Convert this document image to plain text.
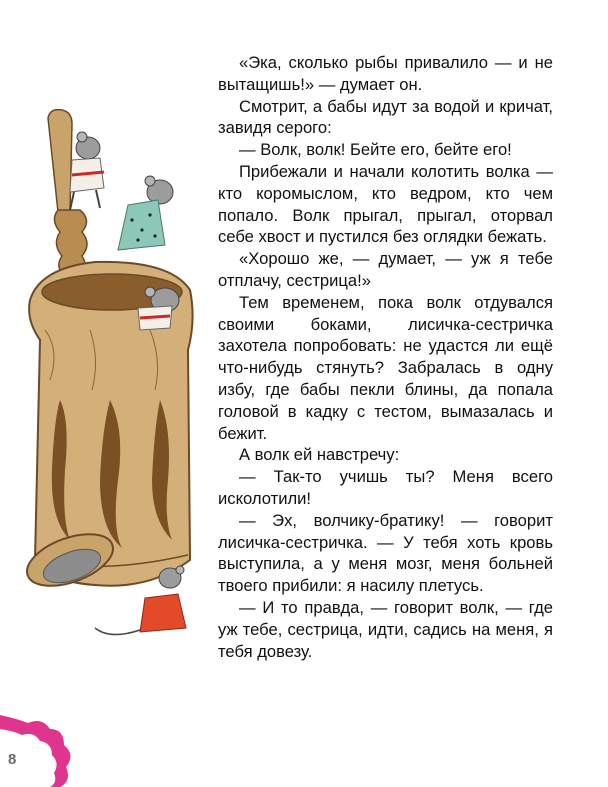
«Эка, сколько рыбы привалило — и не вытащишь!» — думает он.

Смотрит, а бабы идут за водой и кричат, завидя серого:

— Волк, волк! Бейте его, бейте его!

Прибежали и начали колотить волка — кто коромыслом, кто ведром, кто чем попало. Волк прыгал, прыгал, оторвал себе хвост и пустился без оглядки бежать.

«Хорошо же, — думает, — уж я тебе отплачу, сестрица!»

Тем временем, пока волк отдувался своими боками, лисичка-сестричка захотела попробовать: не удастся ли ещё что-нибудь стянуть? Забралась в одну избу, где бабы пекли блины, да попала головой в кадку с тестом, вымазалась и бежит.

А волк ей навстречу:

— Так-то учишь ты? Меня всего исколотили!

— Эх, волчику-братику! — говорит лисичка-сестричка. — У тебя хоть кровь выступила, а у меня мозг, меня больней твоего прибили: я насилу плетусь.

— И то правда, — говорит волк, — где уж тебе, сестрица, идти, садись на меня, я тебя довезу.

8
